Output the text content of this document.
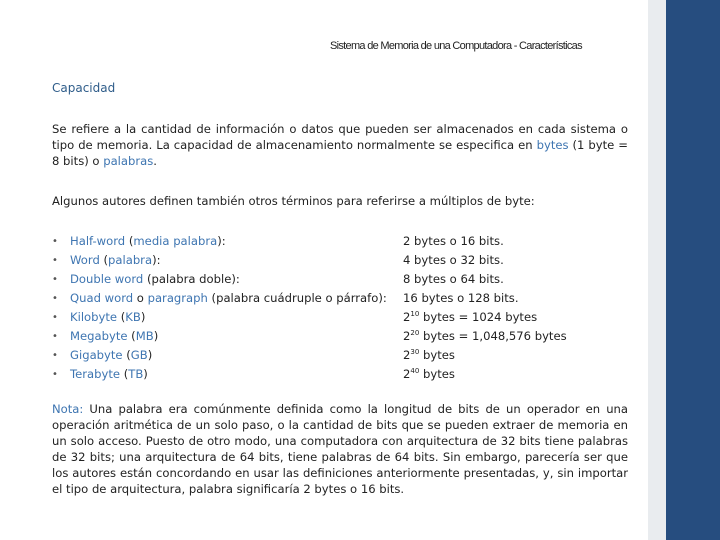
Sistema de Memoria de una Computadora - Características
Capacidad
Se refiere a la cantidad de información o datos que pueden ser almacenados en cada sistema o tipo de memoria. La capacidad de almacenamiento normalmente se especifica en bytes (1 byte = 8 bits) o palabras.
Algunos autores definen también otros términos para referirse a múltiplos de byte:
• Half-word (media palabra):
• Word (palabra):
• Double word (palabra doble):
• Quad word o paragraph (palabra cuádruple o párrafo):
• Kilobyte (KB)
• Megabyte (MB)
• Gigabyte (GB)
• Terabyte (TB)
2 bytes o 16 bits.
4 bytes o 32 bits.
8 bytes o 64 bits.
16 bytes o 128 bits.
$2^{10}$ bytes = 1024 bytes
$2^{20}$ bytes = 1,048,576 bytes
$2^{30}$ bytes
$2^{40}$ bytes
Nota: Una palabra era comúnmente definida como la longitud de bits de un operador en una operación aritmética de un solo paso, o la cantidad de bits que se pueden extraer de memoria en un solo acceso. Puesto de otro modo, una computadora con arquitectura de 32 bits tiene palabras de 32 bits; una arquitectura de 64 bits, tiene palabras de 64 bits. Sin embargo, parecería ser que los autores están concordando en usar las definiciones anteriormente presentadas, y, sin importar el tipo de arquitectura, palabra significaría 2 bytes o 16 bits.
